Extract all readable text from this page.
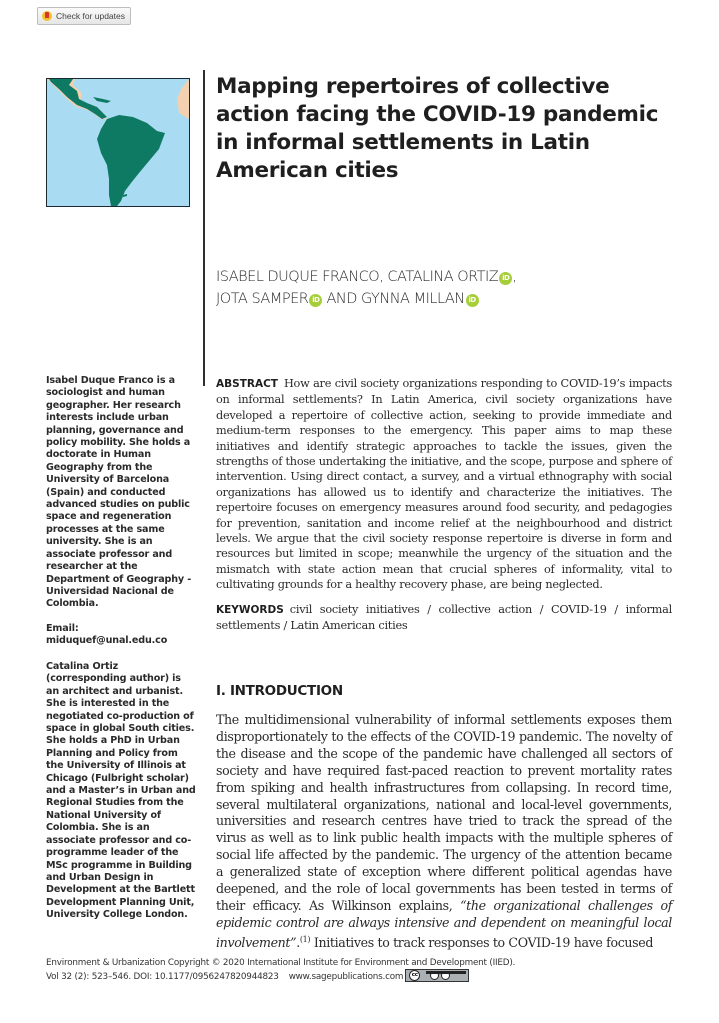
Check for updates
Mapping repertoires of collective action facing the COVID-19 pandemic in informal settlements in Latin American cities
ISABEL DUQUE FRANCO, CATALINA ORTIZ iD ,
JOTA SAMPER iD AND GYNNA MILLAN iD

Isabel Duque Franco is a sociologist and human geographer. Her research interests include urban planning, governance and policy mobility. She holds a doctorate in Human Geography from the University of Barcelona (Spain) and conducted advanced studies on public space and regeneration processes at the same university. She is an associate professor and researcher at the Department of Geography - Universidad Nacional de Colombia.

Email: miduquef@unal.edu.co

Catalina Ortiz (corresponding author) is an architect and urbanist. She is interested in the negotiated co-production of space in global South cities. She holds a PhD in Urban Planning and Policy from the University of Illinois at Chicago (Fulbright scholar) and a Master’s in Urban and Regional Studies from the National University of Colombia. She is an associate professor and co-programme leader of the MSc programme in Building and Urban Design in Development at the Bartlett Development Planning Unit, University College London.

ABSTRACT How are civil society organizations responding to COVID-19’s impacts on informal settlements? In Latin America, civil society organizations have developed a repertoire of collective action, seeking to provide immediate and medium-term responses to the emergency. This paper aims to map these initiatives and identify strategic approaches to tackle the issues, given the strengths of those undertaking the initiative, and the scope, purpose and sphere of intervention. Using direct contact, a survey, and a virtual ethnography with social organizations has allowed us to identify and characterize the initiatives. The repertoire focuses on emergency measures around food security, and pedagogies for prevention, sanitation and income relief at the neighbourhood and district levels. We argue that the civil society response repertoire is diverse in form and resources but limited in scope; meanwhile the urgency of the situation and the mismatch with state action mean that crucial spheres of informality, vital to cultivating grounds for a healthy recovery phase, are being neglected.
KEYWORDS civil society initiatives / collective action / COVID-19 / informal settlements / Latin American cities
I. INTRODUCTION
The multidimensional vulnerability of informal settlements exposes them disproportionately to the effects of the COVID-19 pandemic. The novelty of the disease and the scope of the pandemic have challenged all sectors of society and have required fast-paced reaction to prevent mortality rates from spiking and health infrastructures from collapsing. In record time, several multilateral organizations, national and local-level governments, universities and research centres have tried to track the spread of the virus as well as to link public health impacts with the multiple spheres of social life affected by the pandemic. The urgency of the attention became a generalized state of exception where different political agendas have deepened, and the role of local governments has been tested in terms of their efficacy. As Wilkinson explains, “the organizational challenges of epidemic control are always intensive and dependent on meaningful local involvement”.$^{(1)}$ Initiatives to track responses to COVID-19 have focused
Environment & Urbanization Copyright © 2020 International Institute for Environment and Development (IIED).
Vol 32 (2): 523–546. DOI: 10.1177/0956247820944823 www.sagepublications.com	cc
